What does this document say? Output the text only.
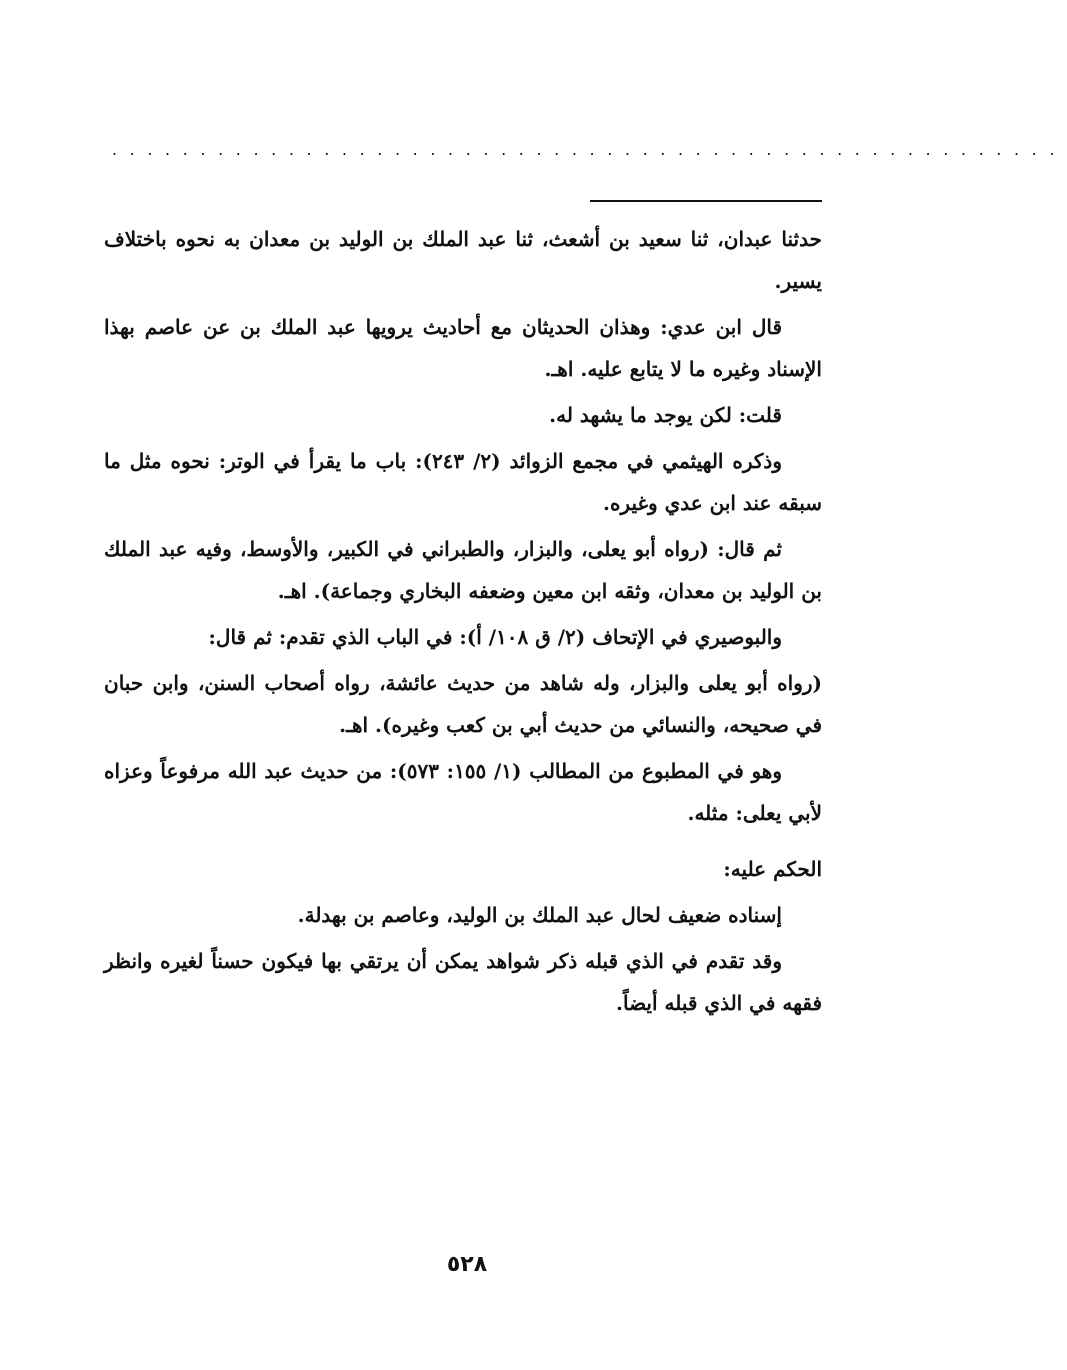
......................................................

حدثنا عبدان، ثنا سعيد بن أشعث، ثنا عبد الملك بن الوليد بن معدان به نحوه باختلاف يسير.

قال ابن عدي: وهذان الحديثان مع أحاديث يرويها عبد الملك بن عن عاصم بهذا الإسناد وغيره ما لا يتابع عليه. اهـ.

قلت: لكن يوجد ما يشهد له.

وذكره الهيثمي في مجمع الزوائد (٢/ ٢٤٣): باب ما يقرأ في الوتر: نحوه مثل ما سبقه عند ابن عدي وغيره.

ثم قال: (رواه أبو يعلى، والبزار، والطبراني في الكبير، والأوسط، وفيه عبد الملك بن الوليد بن معدان، وثقه ابن معين وضعفه البخاري وجماعة). اهـ.

والبوصيري في الإتحاف (٢/ ق ١٠٨/ أ): في الباب الذي تقدم: ثم قال:

(رواه أبو يعلى والبزار، وله شاهد من حديث عائشة، رواه أصحاب السنن، وابن حبان في صحيحه، والنسائي من حديث أبي بن كعب وغيره). اهـ.

وهو في المطبوع من المطالب (١/ ١٥٥: ٥٧٣): من حديث عبد الله مرفوعاً وعزاه لأبي يعلى: مثله.

الحكم عليه:

إسناده ضعيف لحال عبد الملك بن الوليد، وعاصم بن بهدلة.

وقد تقدم في الذي قبله ذكر شواهد يمكن أن يرتقي بها فيكون حسناً لغيره وانظر فقهه في الذي قبله أيضاً.

٥٢٨
